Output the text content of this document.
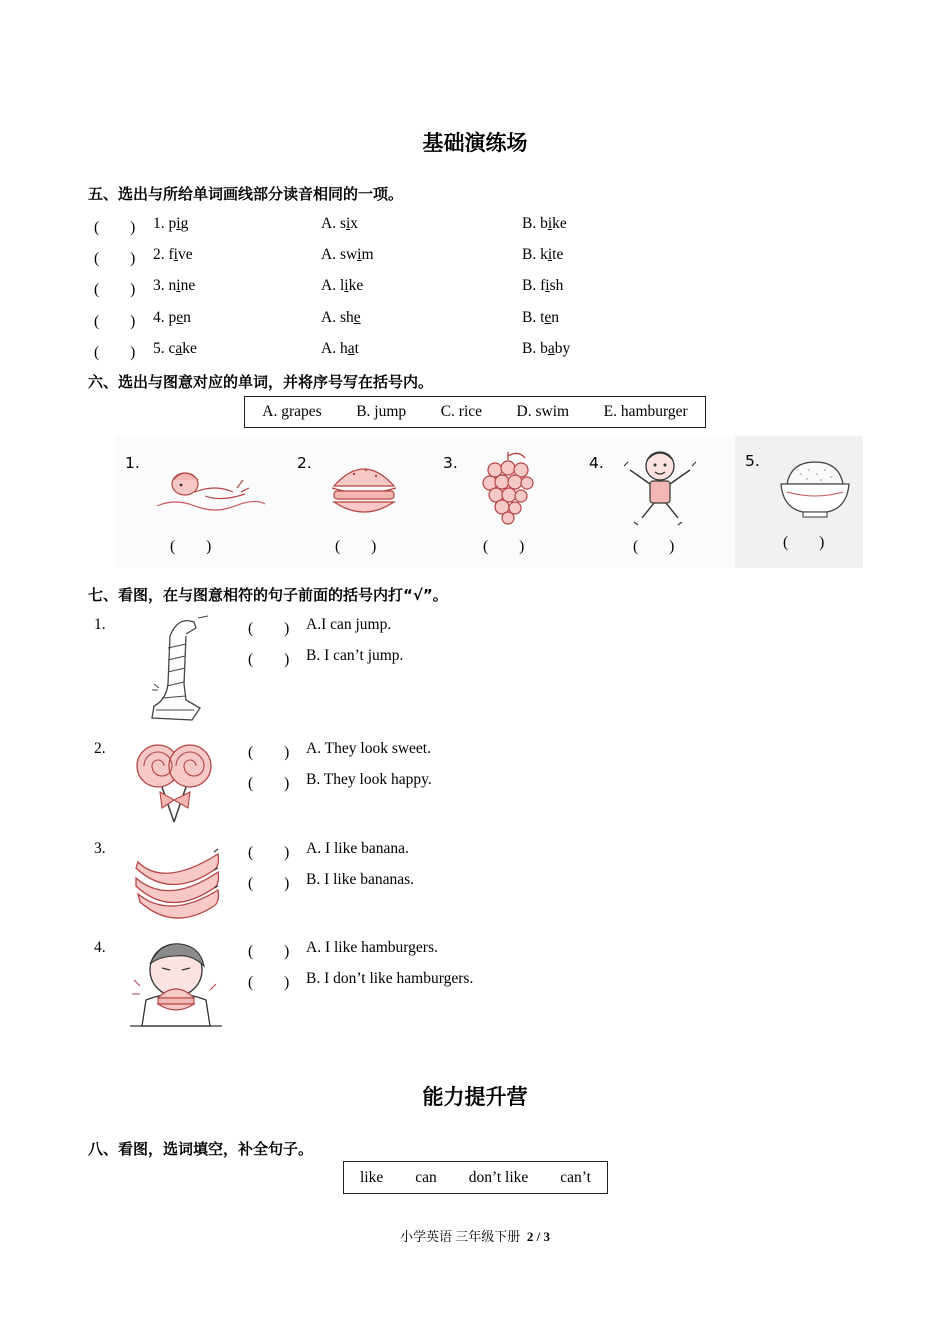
基础演练场
五、选出与所给单词画线部分读音相同的一项。
(　　) 1. pig	A. six	B. bike
(　　) 2. five	A. swim	B. kite
(　　) 3. nine	A. like	B. fish
(　　) 4. pen	A. she	B. ten
(　　) 5. cake	A. hat	B. baby
六、选出与图意对应的单词，并将序号写在括号内。
A. grapes B. jump C. rice D. swim E. hamburger
1.
(　　)
2.
(　　)
3.
(　　)
4.
(　　)
5.
(　　)
七、看图，在与图意相符的句子前面的括号内打“√”。
1.	(　　) A.I can jump.
(　　) B. I can’t jump.
2.	(　　) A. They look sweet.
(　　) B. They look happy.
3.	(　　) A. I like banana.
(　　) B. I like bananas.
4.	(　　) A. I like hamburgers.
(　　) B. I don’t like hamburgers.
能力提升营
八、看图，选词填空，补全句子。
like can don’t like can’t
小学英语 三年级下册 2 / 3
